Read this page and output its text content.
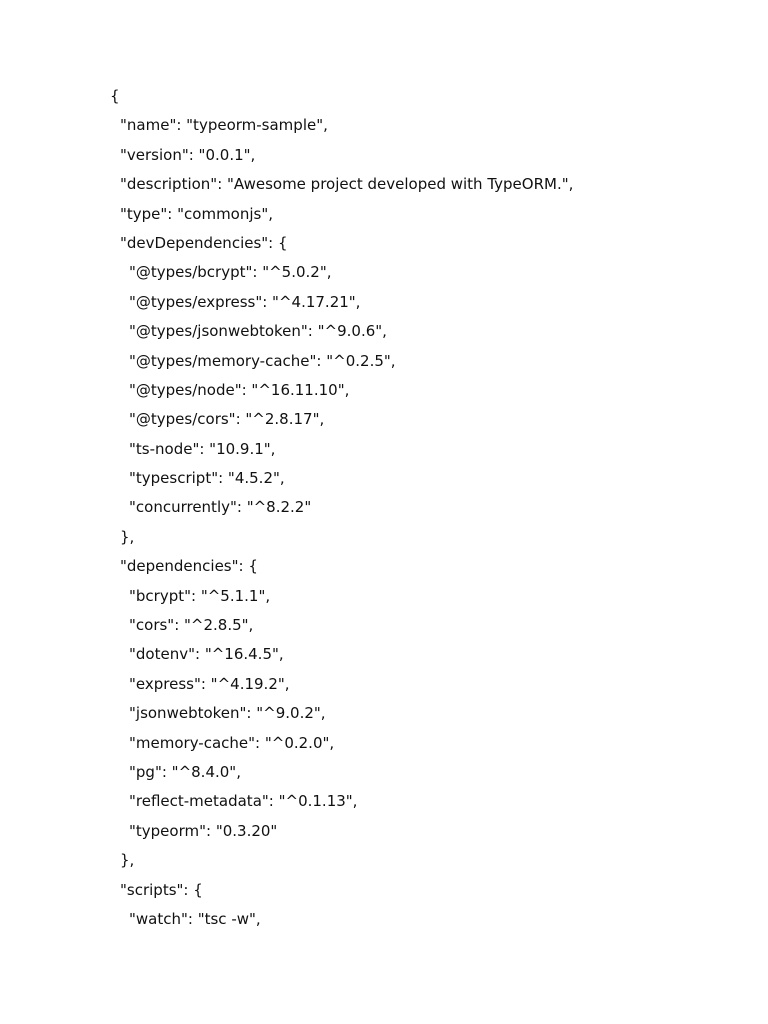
{
"name": "typeorm-sample",
"version": "0.0.1",
"description": "Awesome project developed with TypeORM.",
"type": "commonjs",
"devDependencies": {
"@types/bcrypt": "^5.0.2",
"@types/express": "^4.17.21",
"@types/jsonwebtoken": "^9.0.6",
"@types/memory-cache": "^0.2.5",
"@types/node": "^16.11.10",
"@types/cors": "^2.8.17",
"ts-node": "10.9.1",
"typescript": "4.5.2",
"concurrently": "^8.2.2"
},
"dependencies": {
"bcrypt": "^5.1.1",
"cors": "^2.8.5",
"dotenv": "^16.4.5",
"express": "^4.19.2",
"jsonwebtoken": "^9.0.2",
"memory-cache": "^0.2.0",
"pg": "^8.4.0",
"reflect-metadata": "^0.1.13",
"typeorm": "0.3.20"
},
"scripts": {
"watch": "tsc -w",
